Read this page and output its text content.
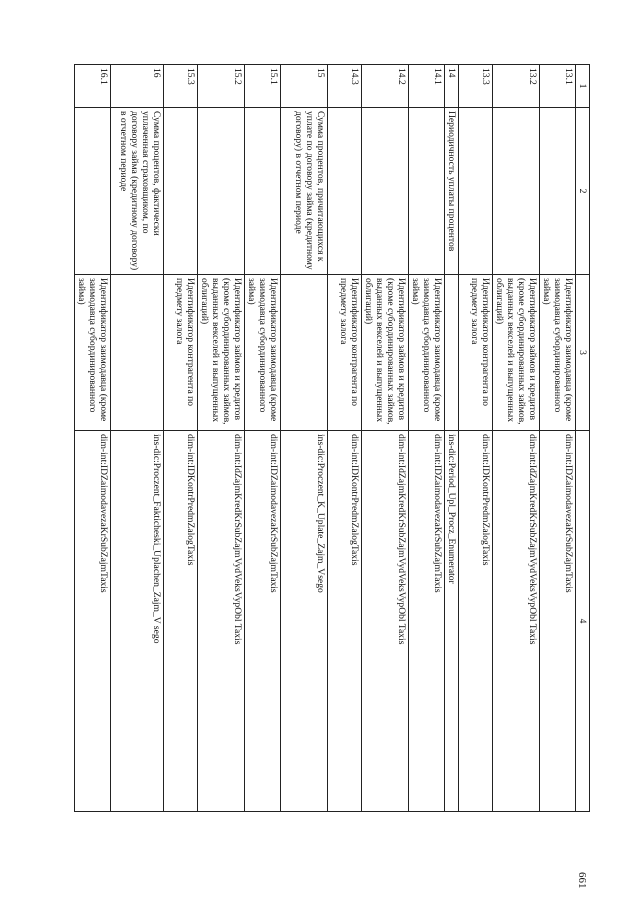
1	2	3	4
13.1		Идентификатор заимодавца (кроме заимодавца субординированного займа)	dim-int:IDZaimodavezaKrSubZajmTaxis
13.2		Идентификатор займов и кредитов (кроме субординированных займов, выданных векселей и выпущенных облигаций)	dim-int:IdZajmKredKrSubZajmVydVeksVypObl Taxis
13.3		Идентификатор контрагента по предмету залога	dim-int:IDKontrPredmZalogTaxis
14	Периодичность уплаты процентов		ins-dic:Period_Upl_Procz_Enumerator
14.1		Идентификатор заимодавца (кроме заимодавца субординированного займа)	dim-int:IDZaimodavezaKrSubZajmTaxis
14.2		Идентификатор займов и кредитов (кроме субординированных займов, выданных векселей и выпущенных облигаций)	dim-int:IdZajmKredKrSubZajmVydVeksVypObl Taxis
14.3		Идентификатор контрагента по предмету залога	dim-int:IDKontrPredmZalogTaxis
15	Сумма процентов, причитающихся к уплате по договору займа (кредитному договору) в отчетном периоде		ins-dic:Proczent_K_Uplate_Zajm_Vsego
15.1		Идентификатор заимодавца (кроме заимодавца субординированного займа)	dim-int:IDZaimodavezaKrSubZajmTaxis
15.2		Идентификатор займов и кредитов (кроме субординированных займов, выданных векселей и выпущенных облигаций)	dim-int:IdZajmKredKrSubZajmVydVeksVypObl Taxis
15.3		Идентификатор контрагента по предмету залога	dim-int:IDKontrPredmZalogTaxis
16	Сумма процентов, фактически уплаченная страховщиком, по договору займа (кредитному договору) в отчетном периоде		ins-dic:Proczent_Fakticheski_Uplachen_Zajm_V sego
16.1		Идентификатор заимодавца (кроме заимодавца субординированного займа)	dim-int:IDZaimodavezaKrSubZajmTaxis
661
